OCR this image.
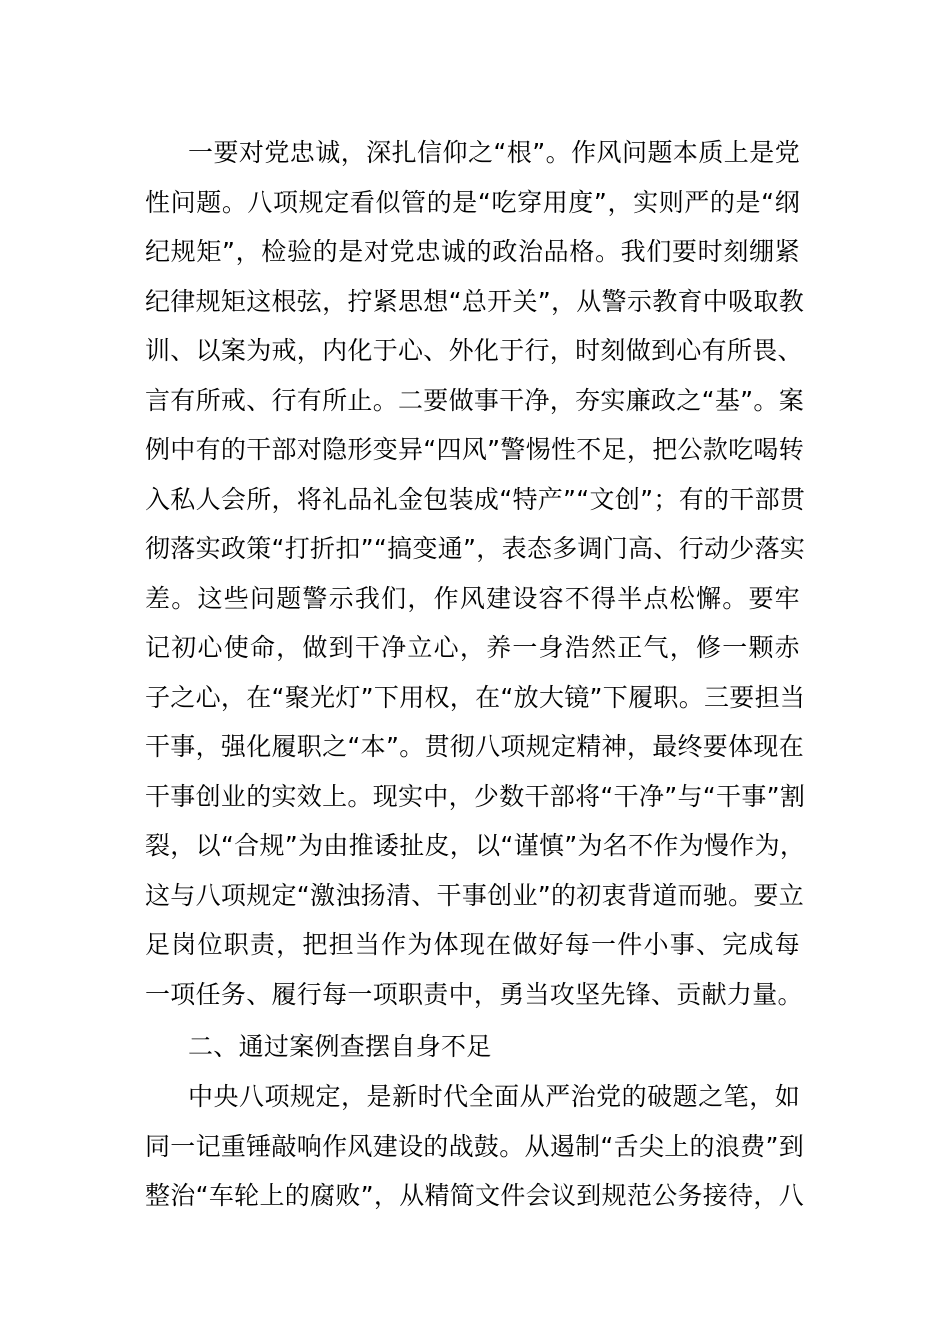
一要对党忠诚，深扎信仰之“根”。作风问题本质上是党
性问题。八项规定看似管的是“吃穿用度”，实则严的是“纲
纪规矩”，检验的是对党忠诚的政治品格。我们要时刻绷紧
纪律规矩这根弦，拧紧思想“总开关”，从警示教育中吸取教
训、以案为戒，内化于心、外化于行，时刻做到心有所畏、
言有所戒、行有所止。二要做事干净，夯实廉政之“基”。案
例中有的干部对隐形变异“四风”警惕性不足，把公款吃喝转
入私人会所，将礼品礼金包装成“特产”“文创”；有的干部贯
彻落实政策“打折扣”“搞变通”，表态多调门高、行动少落实
差。这些问题警示我们，作风建设容不得半点松懈。要牢
记初心使命，做到干净立心，养一身浩然正气，修一颗赤
子之心，在“聚光灯”下用权，在“放大镜”下履职。三要担当
干事，强化履职之“本”。贯彻八项规定精神，最终要体现在
干事创业的实效上。现实中，少数干部将“干净”与“干事”割
裂，以“合规”为由推诿扯皮，以“谨慎”为名不作为慢作为，
这与八项规定“激浊扬清、干事创业”的初衷背道而驰。要立
足岗位职责，把担当作为体现在做好每一件小事、完成每
一项任务、履行每一项职责中，勇当攻坚先锋、贡献力量。
二、通过案例查摆自身不足
中央八项规定，是新时代全面从严治党的破题之笔，如
同一记重锤敲响作风建设的战鼓。从遏制“舌尖上的浪费”到
整治“车轮上的腐败”，从精简文件会议到规范公务接待，八
